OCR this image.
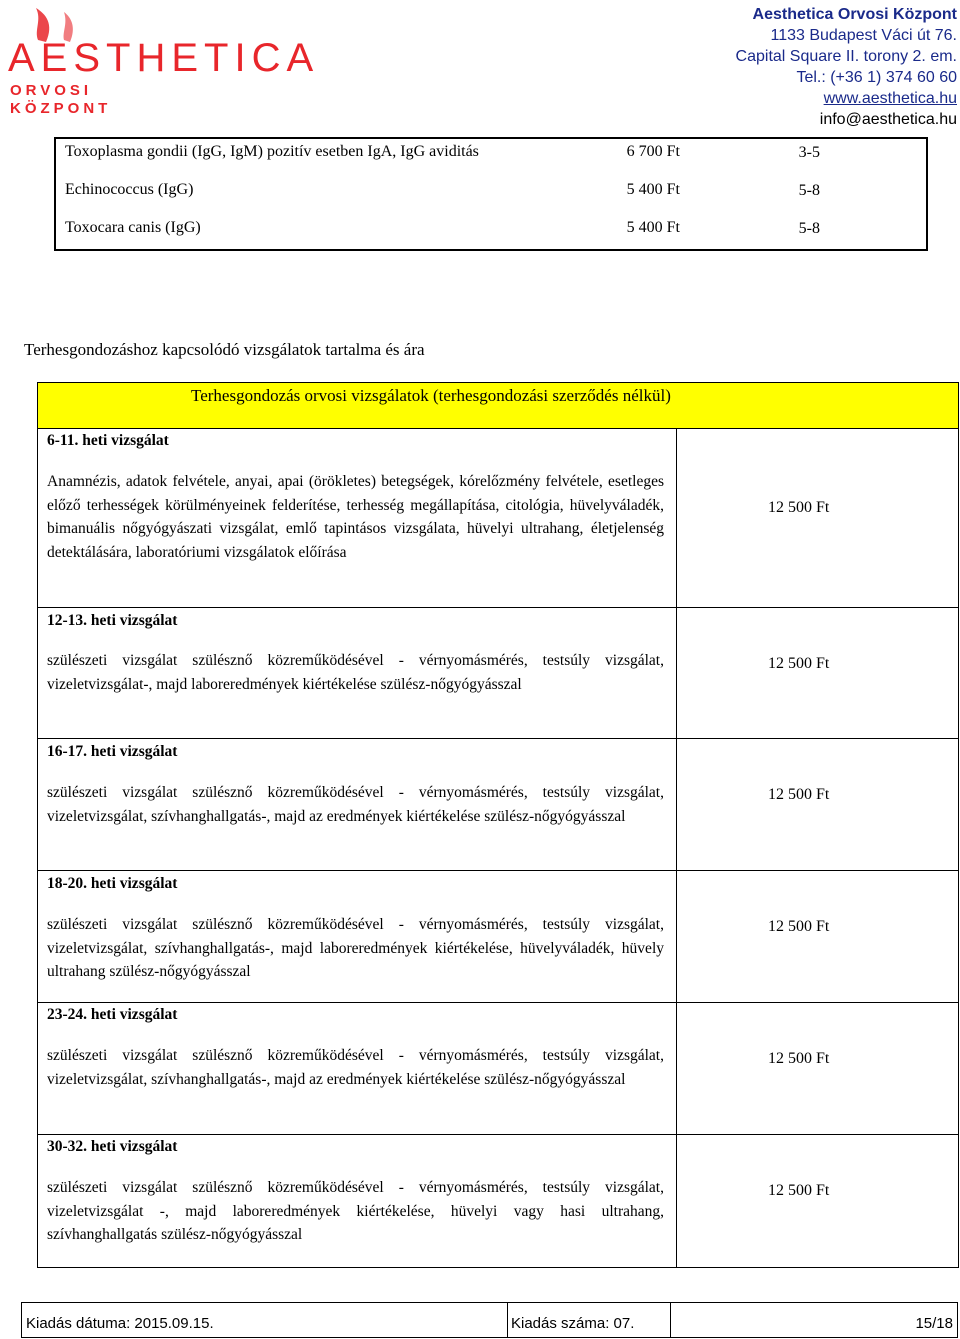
AESTHETICA
ORVOSI
KÖZPONT
Aesthetica Orvosi Központ
1133 Budapest Váci út 76.
Capital Square II. torony 2. em.
Tel.: (+36 1) 374 60 60
www.aesthetica.hu
info@aesthetica.hu
Toxoplasma gondii (IgG, IgM) pozitív esetben IgA, IgG aviditás	6 700 Ft	3-5
Echinococcus (IgG)	5 400 Ft	5-8
Toxocara canis (IgG)	5 400 Ft	5-8
Terhesgondozáshoz kapcsolódó vizsgálatok tartalma és ára
Terhesgondozás orvosi vizsgálatok (terhesgondozási szerződés nélkül)
6-11. heti vizsgálat
Anamnézis, adatok felvétele, anyai, apai (örökletes) betegségek, kórelőzmény felvétele, esetleges előző terhességek körülményeinek felderítése, terhesség megállapítása, citológia, hüvelyváladék, bimanuális nőgyógyászati vizsgálat, emlő tapintásos vizsgálata, hüvelyi ultrahang, életjelenség detektálására, laboratóriumi vizsgálatok előírása
12 500 Ft
12-13. heti vizsgálat
szülészeti vizsgálat szülésznő közreműködésével - vérnyomásmérés, testsúly vizsgálat, vizeletvizsgálat-, majd laboreredmények kiértékelése szülész-nőgyógyásszal
12 500 Ft
16-17. heti vizsgálat
szülészeti vizsgálat szülésznő közreműködésével - vérnyomásmérés, testsúly vizsgálat, vizeletvizsgálat, szívhanghallgatás-, majd az eredmények kiértékelése szülész-nőgyógyásszal
12 500 Ft
18-20. heti vizsgálat
szülészeti vizsgálat szülésznő közreműködésével - vérnyomásmérés, testsúly vizsgálat, vizeletvizsgálat, szívhanghallgatás-, majd laboreredmények kiértékelése, hüvelyváladék, hüvely ultrahang szülész-nőgyógyásszal
12 500 Ft
23-24. heti vizsgálat
szülészeti vizsgálat szülésznő közreműködésével - vérnyomásmérés, testsúly vizsgálat, vizeletvizsgálat, szívhanghallgatás-, majd az eredmények kiértékelése szülész-nőgyógyásszal
12 500 Ft
30-32. heti vizsgálat
szülészeti vizsgálat szülésznő közreműködésével - vérnyomásmérés, testsúly vizsgálat, vizeletvizsgálat -, majd laboreredmények kiértékelése, hüvelyi vagy hasi ultrahang, szívhanghallgatás szülész-nőgyógyásszal
12 500 Ft
Kiadás dátuma: 2015.09.15.	Kiadás száma: 07.	15/18
